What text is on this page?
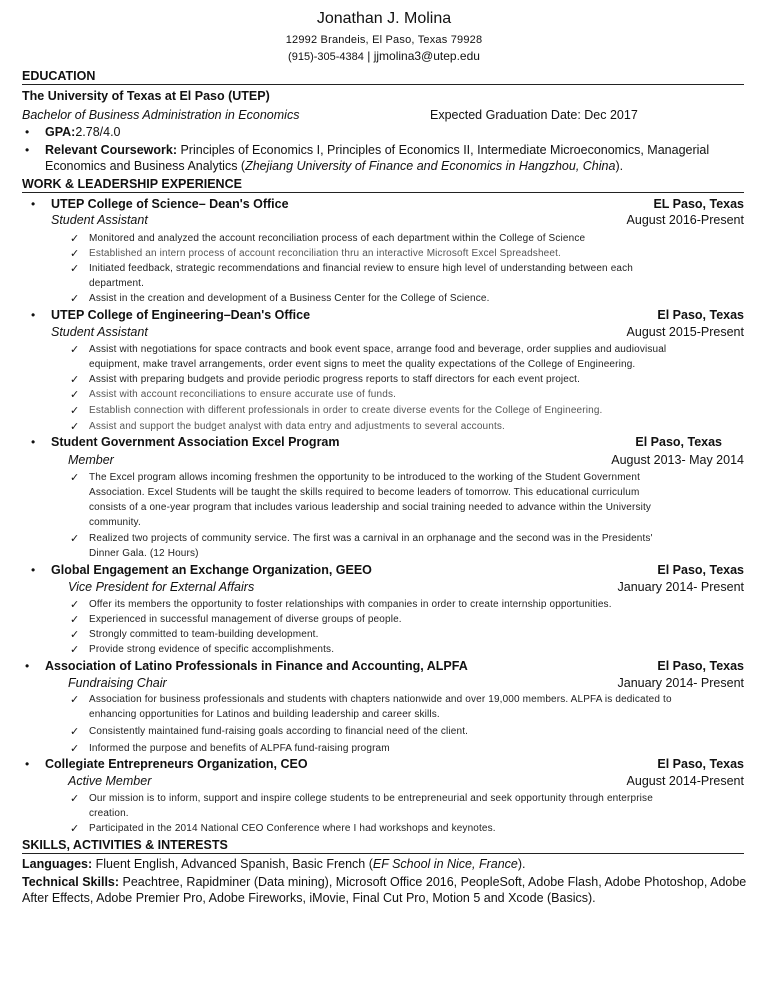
Jonathan J. Molina
12992 Brandeis, El Paso, Texas 79928
(915)-305-4384 | jjmolina3@utep.edu
EDUCATION
The University of Texas at El Paso (UTEP)
Bachelor of Business Administration in Economics	Expected Graduation Date: Dec 2017
• GPA:2.78/4.0
• Relevant Coursework: Principles of Economics I, Principles of Economics II, Intermediate Microeconomics, Managerial
Economics and Business Analytics (Zhejiang University of Finance and Economics in Hangzhou, China).
WORK & LEADERSHIP EXPERIENCE
• UTEP College of Science– Dean's Office	EL Paso, Texas
Student Assistant	August 2016-Present
✓ Monitored and analyzed the account reconciliation process of each department within the College of Science
✓ Established an intern process of account reconciliation thru an interactive Microsoft Excel Spreadsheet.
✓ Initiated feedback, strategic recommendations and financial review to ensure high level of understanding between each
department.
✓ Assist in the creation and development of a Business Center for the College of Science.
• UTEP College of Engineering–Dean's Office	El Paso, Texas
Student Assistant	August 2015-Present
✓ Assist with negotiations for space contracts and book event space, arrange food and beverage, order supplies and audiovisual
equipment, make travel arrangements, order event signs to meet the quality expectations of the College of Engineering.
✓ Assist with preparing budgets and provide periodic progress reports to staff directors for each event project.
✓ Assist with account reconciliations to ensure accurate use of funds.
✓ Establish connection with different professionals in order to create diverse events for the College of Engineering.
✓ Assist and support the budget analyst with data entry and adjustments to several accounts.
• Student Government Association Excel Program	El Paso, Texas
Member	August 2013- May 2014
✓ The Excel program allows incoming freshmen the opportunity to be introduced to the working of the Student Government
Association. Excel Students will be taught the skills required to become leaders of tomorrow. This educational curriculum
consists of a one-year program that includes various leadership and social training needed to advance within the University
community.
✓ Realized two projects of community service. The first was a carnival in an orphanage and the second was in the Presidents'
Dinner Gala. (12 Hours)
• Global Engagement an Exchange Organization, GEEO	El Paso, Texas
Vice President for External Affairs	January 2014- Present
✓ Offer its members the opportunity to foster relationships with companies in order to create internship opportunities.
✓ Experienced in successful management of diverse groups of people.
✓ Strongly committed to team-building development.
✓ Provide strong evidence of specific accomplishments.
• Association of Latino Professionals in Finance and Accounting, ALPFA	El Paso, Texas
Fundraising Chair	January 2014- Present
✓ Association for business professionals and students with chapters nationwide and over 19,000 members. ALPFA is dedicated to
enhancing opportunities for Latinos and building leadership and career skills.
✓ Consistently maintained fund-raising goals according to financial need of the client.
✓ Informed the purpose and benefits of ALPFA fund-raising program
• Collegiate Entrepreneurs Organization, CEO	El Paso, Texas
Active Member	August 2014-Present
✓ Our mission is to inform, support and inspire college students to be entrepreneurial and seek opportunity through enterprise
creation.
✓ Participated in the 2014 National CEO Conference where I had workshops and keynotes.
SKILLS, ACTIVITIES & INTERESTS
Languages: Fluent English, Advanced Spanish, Basic French (EF School in Nice, France).
Technical Skills: Peachtree, Rapidminer (Data mining), Microsoft Office 2016, PeopleSoft, Adobe Flash, Adobe Photoshop, Adobe
After Effects, Adobe Premier Pro, Adobe Fireworks, iMovie, Final Cut Pro, Motion 5 and Xcode (Basics).
